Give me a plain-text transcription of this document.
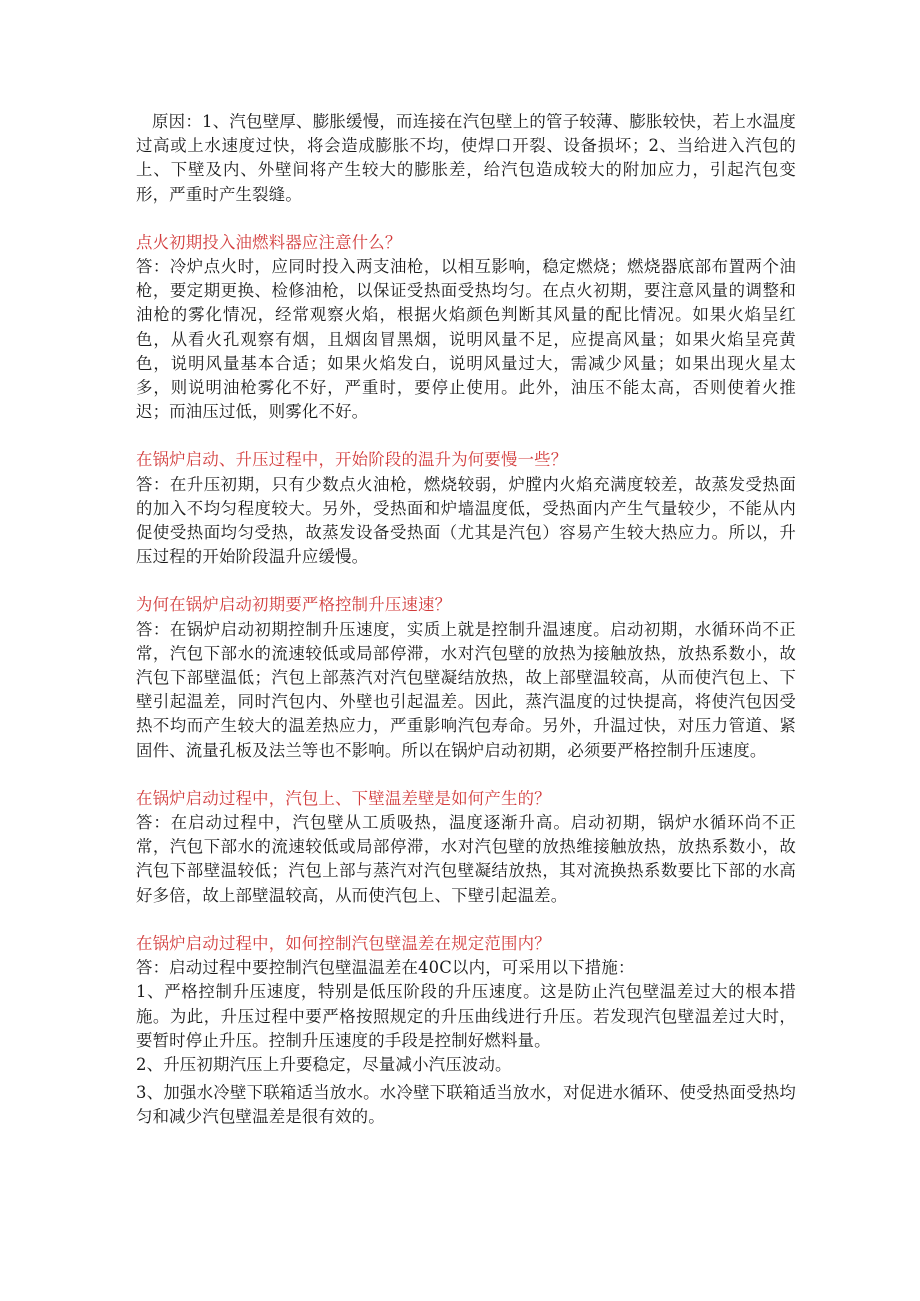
原因：1、汽包壁厚、膨胀缓慢，而连接在汽包壁上的管子较薄、膨胀较快，若上水温度过高或上水速度过快，将会造成膨胀不均，使焊口开裂、设备损坏；2、当给进入汽包的上、下壁及内、外壁间将产生较大的膨胀差，给汽包造成较大的附加应力，引起汽包变形，严重时产生裂缝。

点火初期投入油燃料器应注意什么？

答：冷炉点火时，应同时投入两支油枪，以相互影响，稳定燃烧；燃烧器底部布置两个油枪，要定期更换、检修油枪，以保证受热面受热均匀。在点火初期，要注意风量的调整和油枪的雾化情况，经常观察火焰，根据火焰颜色判断其风量的配比情况。如果火焰呈红色，从看火孔观察有烟，且烟囱冒黑烟，说明风量不足，应提高风量；如果火焰呈亮黄色，说明风量基本合适；如果火焰发白，说明风量过大，需减少风量；如果出现火星太多，则说明油枪雾化不好，严重时，要停止使用。此外，油压不能太高，否则使着火推迟；而油压过低，则雾化不好。

在锅炉启动、升压过程中，开始阶段的温升为何要慢一些？

答：在升压初期，只有少数点火油枪，燃烧较弱，炉膛内火焰充满度较差，故蒸发受热面的加入不均匀程度较大。另外，受热面和炉墙温度低，受热面内产生气量较少，不能从内促使受热面均匀受热，故蒸发设备受热面（尤其是汽包）容易产生较大热应力。所以，升压过程的开始阶段温升应缓慢。

为何在锅炉启动初期要严格控制升压速速？

答：在锅炉启动初期控制升压速度，实质上就是控制升温速度。启动初期，水循环尚不正常，汽包下部水的流速较低或局部停滞，水对汽包壁的放热为接触放热，放热系数小，故汽包下部壁温低；汽包上部蒸汽对汽包壁凝结放热，故上部壁温较高，从而使汽包上、下壁引起温差，同时汽包内、外壁也引起温差。因此，蒸汽温度的过快提高，将使汽包因受热不均而产生较大的温差热应力，严重影响汽包寿命。另外，升温过快，对压力管道、紧固件、流量孔板及法兰等也不影响。所以在锅炉启动初期，必须要严格控制升压速度。

在锅炉启动过程中，汽包上、下壁温差壁是如何产生的？

答：在启动过程中，汽包壁从工质吸热，温度逐渐升高。启动初期，锅炉水循环尚不正常，汽包下部水的流速较低或局部停滞，水对汽包壁的放热维接触放热，放热系数小，故汽包下部壁温较低；汽包上部与蒸汽对汽包壁凝结放热，其对流换热系数要比下部的水高好多倍，故上部壁温较高，从而使汽包上、下壁引起温差。

在锅炉启动过程中，如何控制汽包壁温差在规定范围内？

答：启动过程中要控制汽包壁温温差在40C以内，可采用以下措施：

1、严格控制升压速度，特别是低压阶段的升压速度。这是防止汽包壁温差过大的根本措施。为此，升压过程中要严格按照规定的升压曲线进行升压。若发现汽包壁温差过大时，要暂时停止升压。控制升压速度的手段是控制好燃料量。

2、升压初期汽压上升要稳定，尽量减小汽压波动。

3、加强水冷壁下联箱适当放水。水冷壁下联箱适当放水，对促进水循环、使受热面受热均匀和减少汽包壁温差是很有效的。
